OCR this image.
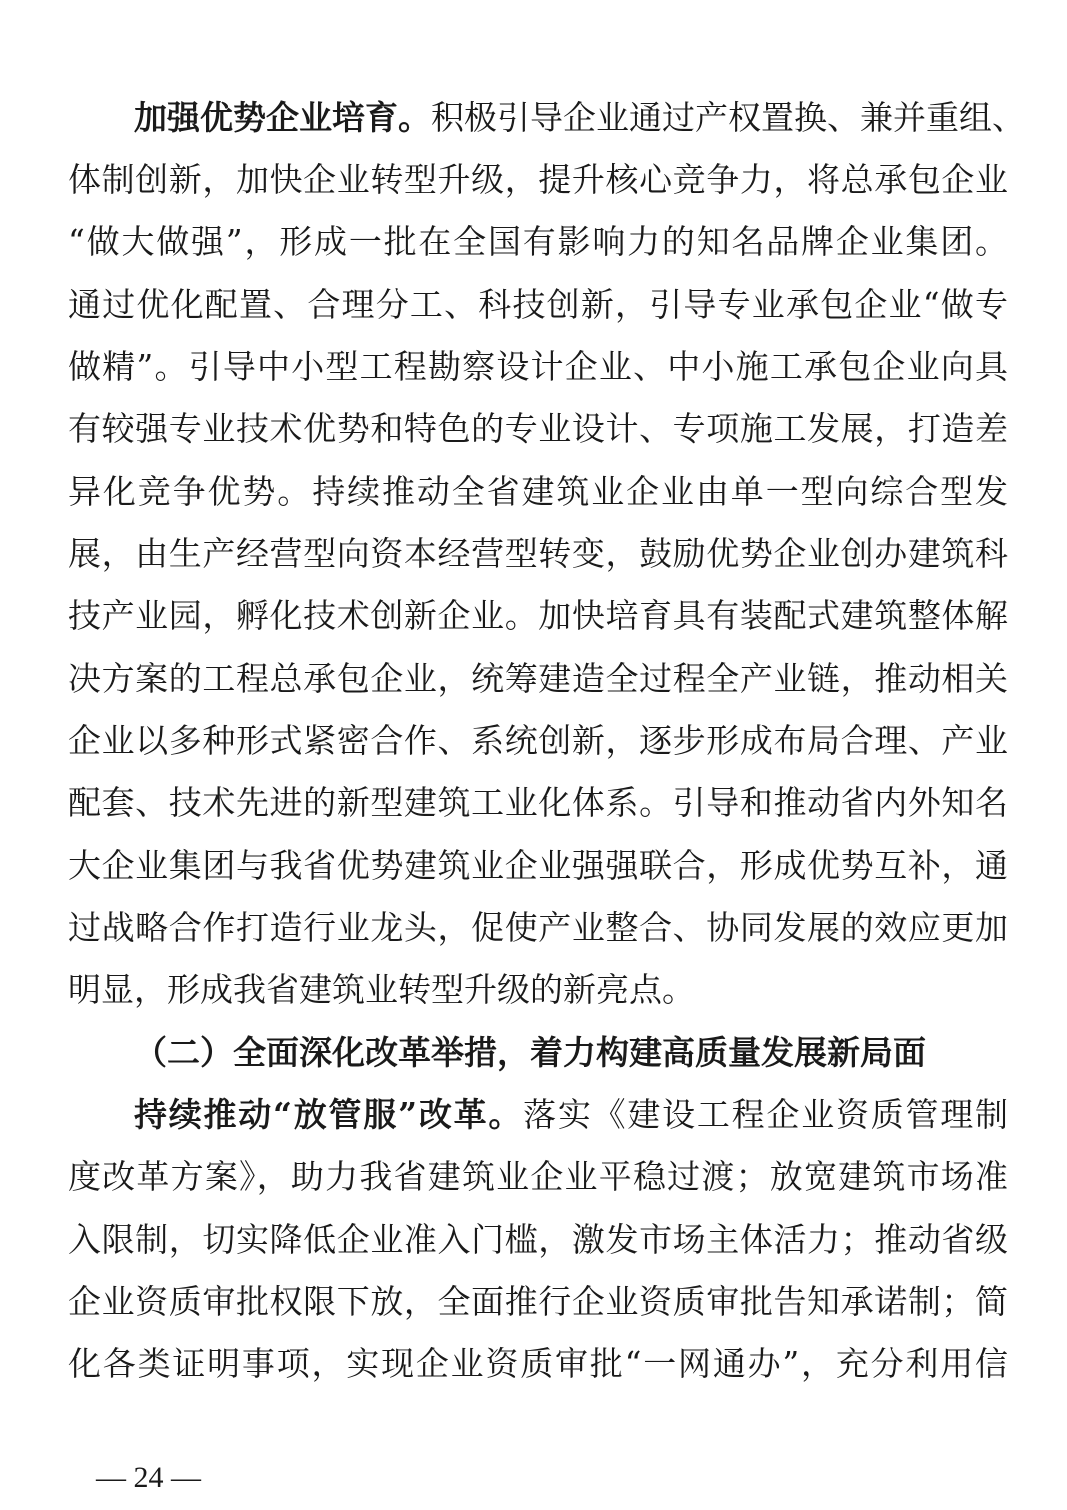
加强优势企业培育。积极引导企业通过产权置换、兼并重组、
体制创新，加快企业转型升级，提升核心竞争力，将总承包企业
“做大做强”，形成一批在全国有影响力的知名品牌企业集团。
通过优化配置、合理分工、科技创新，引导专业承包企业“做专
做精”。引导中小型工程勘察设计企业、中小施工承包企业向具
有较强专业技术优势和特色的专业设计、专项施工发展，打造差
异化竞争优势。持续推动全省建筑业企业由单一型向综合型发
展，由生产经营型向资本经营型转变，鼓励优势企业创办建筑科
技产业园，孵化技术创新企业。加快培育具有装配式建筑整体解
决方案的工程总承包企业，统筹建造全过程全产业链，推动相关
企业以多种形式紧密合作、系统创新，逐步形成布局合理、产业
配套、技术先进的新型建筑工业化体系。引导和推动省内外知名
大企业集团与我省优势建筑业企业强强联合，形成优势互补，通
过战略合作打造行业龙头，促使产业整合、协同发展的效应更加
明显，形成我省建筑业转型升级的新亮点。
（二）全面深化改革举措，着力构建高质量发展新局面
持续推动“放管服”改革。落实《建设工程企业资质管理制
度改革方案》，助力我省建筑业企业平稳过渡；放宽建筑市场准
入限制，切实降低企业准入门槛，激发市场主体活力；推动省级
企业资质审批权限下放，全面推行企业资质审批告知承诺制；简
化各类证明事项，实现企业资质审批“一网通办”，充分利用信
— 24 —
